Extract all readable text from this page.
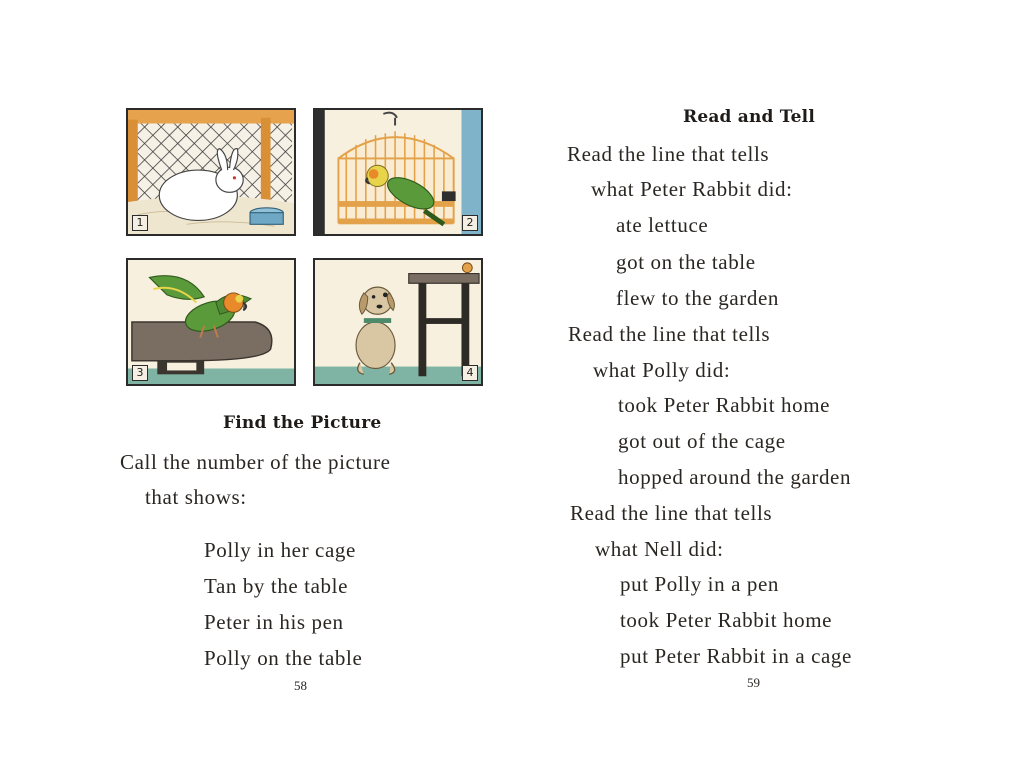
1	2
3	4
Find the Picture
Call the number of the picture
that shows:
Polly in her cage
Tan by the table
Peter in his pen
Polly on the table
58
Read and Tell
Read the line that tells
what Peter Rabbit did:
ate lettuce
got on the table
flew to the garden
Read the line that tells
what Polly did:
took Peter Rabbit home
got out of the cage
hopped around the garden
Read the line that tells
what Nell did:
put Polly in a pen
took Peter Rabbit home
put Peter Rabbit in a cage
59
